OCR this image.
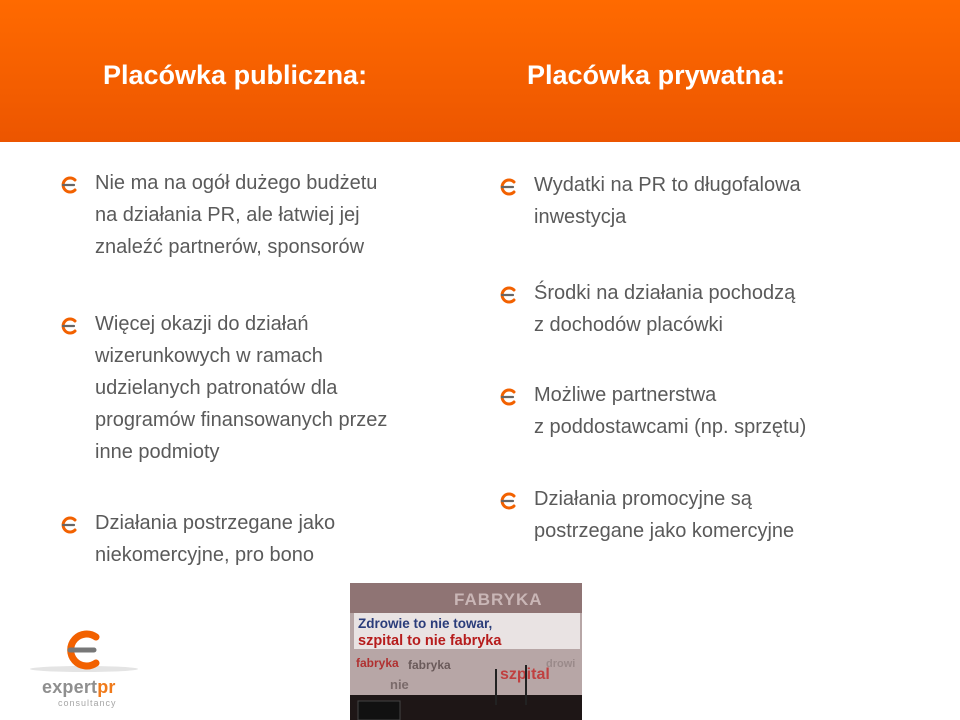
Placówka publiczna:	Placówka prywatna:

Nie ma na ogół dużego budżetu
na działania PR, ale łatwiej jej
znaleźć partnerów, sponsorów

Więcej okazji do działań
wizerunkowych w ramach
udzielanych patronatów dla
programów finansowanych przez
inne podmioty

Działania postrzegane jako
niekomercyjne, pro bono

Wydatki na PR to długofalowa
inwestycja

Środki na działania pochodzą
z dochodów placówki

Możliwe partnerstwa
z poddostawcami (np. sprzętu)

Działania promocyjne są
postrzegane jako komercyjne

FABRYKA
Zdrowie to nie towar,
szpital to nie fabryka
fabryka fabryka
szpital
nie
drowi

expertpr

consultancy
